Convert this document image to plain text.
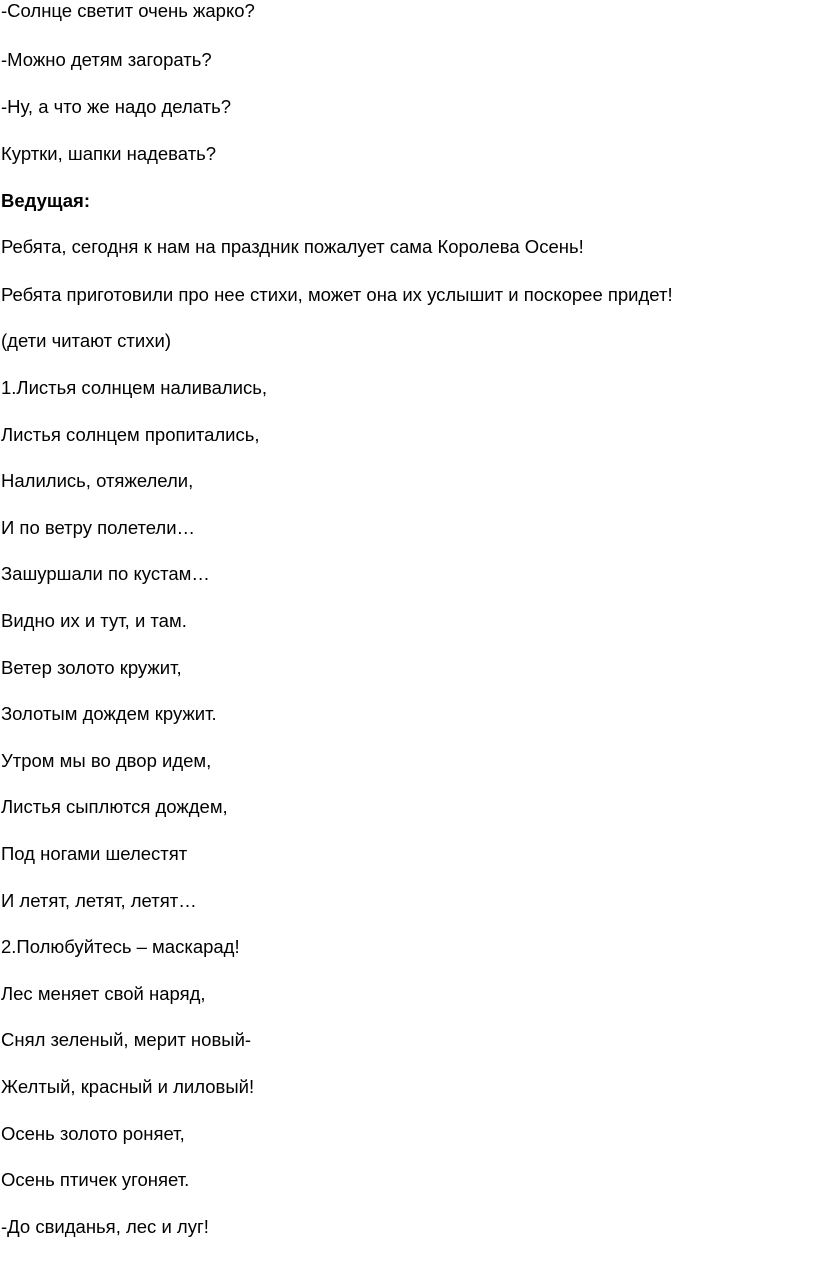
-Солнце светит очень жарко?

-Можно детям загорать?

-Ну, а что же надо делать?

Куртки, шапки надевать?

Ведущая:

Ребята, сегодня к нам на праздник пожалует сама Королева Осень!

Ребята приготовили про нее стихи, может она их услышит и поскорее придет!

(дети читают стихи)

1.Листья солнцем наливались,

Листья солнцем пропитались,

Налились, отяжелели,

И по ветру полетели…

Зашуршали по кустам…

Видно их и тут, и там.

Ветер золото кружит,

Золотым дождем кружит.

Утром мы во двор идем,

Листья сыплются дождем,

Под ногами шелестят

И летят, летят, летят…

2.Полюбуйтесь – маскарад!

Лес меняет свой наряд,

Снял зеленый, мерит новый-

Желтый, красный и лиловый!

Осень золото роняет,

Осень птичек угоняет.

-До свиданья, лес и луг!
